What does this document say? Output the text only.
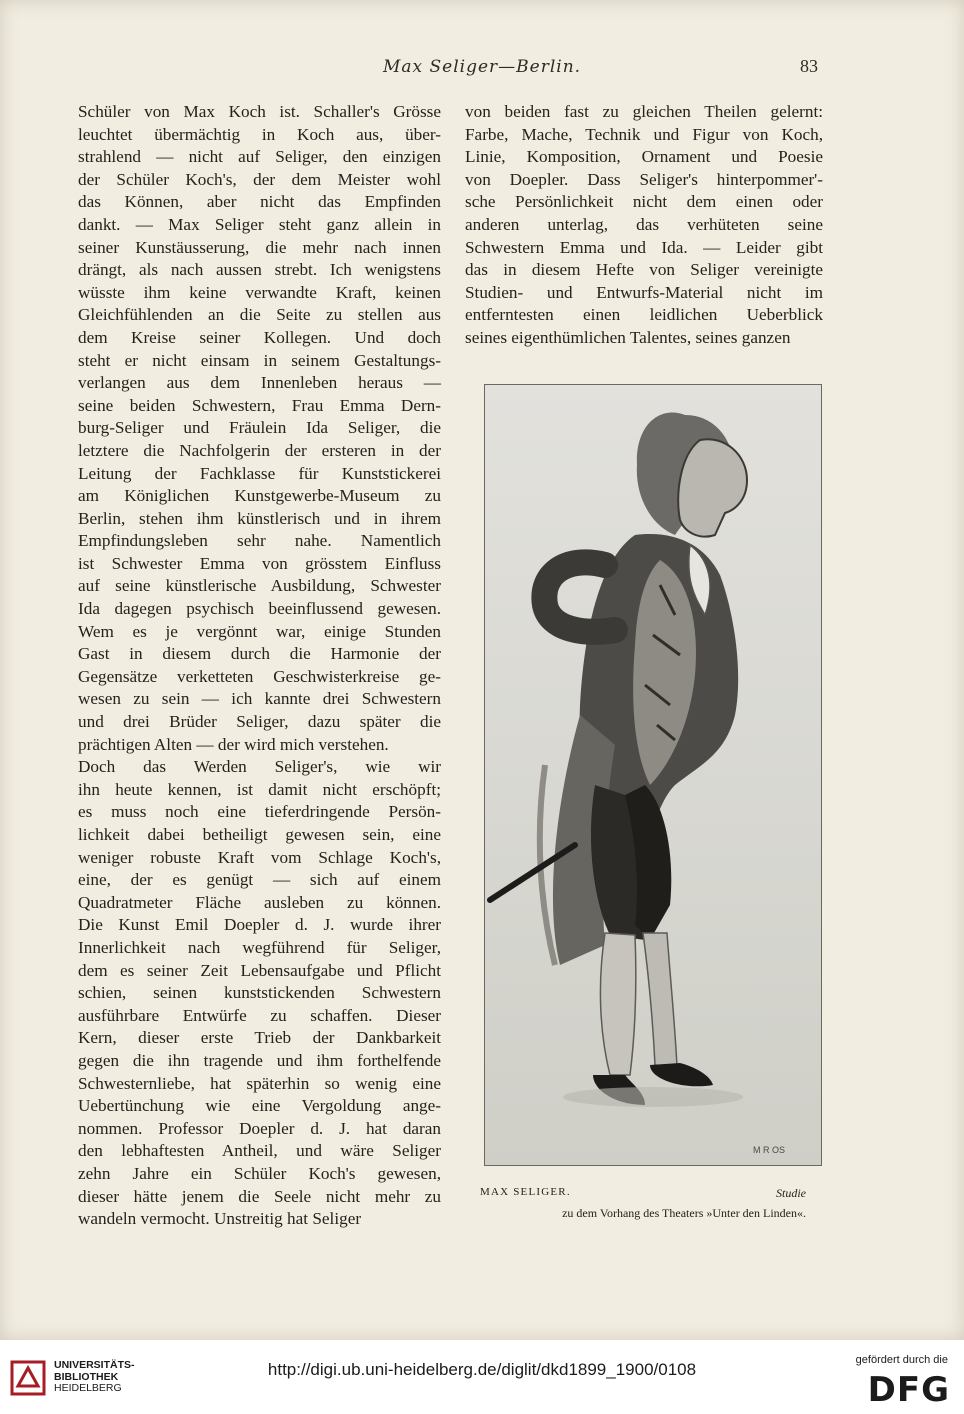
Max Seliger—Berlin.	83
Schüler von Max Koch ist. Schaller's Grösse
leuchtet übermächtig in Koch aus, über-
strahlend — nicht auf Seliger, den einzigen
der Schüler Koch's, der dem Meister wohl
das Können, aber nicht das Empfinden
dankt. — Max Seliger steht ganz allein in
seiner Kunstäusserung, die mehr nach innen
drängt, als nach aussen strebt. Ich wenigstens
wüsste ihm keine verwandte Kraft, keinen
Gleichfühlenden an die Seite zu stellen aus
dem Kreise seiner Kollegen. Und doch
steht er nicht einsam in seinem Gestaltungs-
verlangen aus dem Innenleben heraus —
seine beiden Schwestern, Frau Emma Dern-
burg-Seliger und Fräulein Ida Seliger, die
letztere die Nachfolgerin der ersteren in der
Leitung der Fachklasse für Kunststickerei
am Königlichen Kunstgewerbe-Museum zu
Berlin, stehen ihm künstlerisch und in ihrem
Empfindungsleben sehr nahe. Namentlich
ist Schwester Emma von grösstem Einfluss
auf seine künstlerische Ausbildung, Schwester
Ida dagegen psychisch beeinflussend gewesen.
Wem es je vergönnt war, einige Stunden
Gast in diesem durch die Harmonie der
Gegensätze verketteten Geschwisterkreise ge-
wesen zu sein — ich kannte drei Schwestern
und drei Brüder Seliger, dazu später die
prächtigen Alten — der wird mich verstehen.
Doch das Werden Seliger's, wie wir
ihn heute kennen, ist damit nicht erschöpft;
es muss noch eine tieferdringende Persön-
lichkeit dabei betheiligt gewesen sein, eine
weniger robuste Kraft vom Schlage Koch's,
eine, der es genügt — sich auf einem
Quadratmeter Fläche ausleben zu können.
Die Kunst Emil Doepler d. J. wurde ihrer
Innerlichkeit nach wegführend für Seliger,
dem es seiner Zeit Lebensaufgabe und Pflicht
schien, seinen kunststickenden Schwestern
ausführbare Entwürfe zu schaffen. Dieser
Kern, dieser erste Trieb der Dankbarkeit
gegen die ihn tragende und ihm forthelfende
Schwesternliebe, hat späterhin so wenig eine
Uebertünchung wie eine Vergoldung ange-
nommen. Professor Doepler d. J. hat daran
den lebhaftesten Antheil, und wäre Seliger
zehn Jahre ein Schüler Koch's gewesen,
dieser hätte jenem die Seele nicht mehr zu
wandeln vermocht. Unstreitig hat Seliger
von beiden fast zu gleichen Theilen gelernt:
Farbe, Mache, Technik und Figur von Koch,
Linie, Komposition, Ornament und Poesie
von Doepler. Dass Seliger's hinterpommer'-
sche Persönlichkeit nicht dem einen oder
anderen unterlag, das verhüteten seine
Schwestern Emma und Ida. — Leider gibt
das in diesem Hefte von Seliger vereinigte
Studien- und Entwurfs-Material nicht im
entferntesten einen leidlichen Ueberblick
seines eigenthümlichen Talentes, seines ganzen
M R OS
MAX SELIGER.	Studie
zu dem Vorhang des Theaters »Unter den Linden«.
UNIVERSITÄTS-
BIBLIOTHEK
HEIDELBERG
http://digi.ub.uni-heidelberg.de/diglit/dkd1899_1900/0108	gefördert durch die
DFG
